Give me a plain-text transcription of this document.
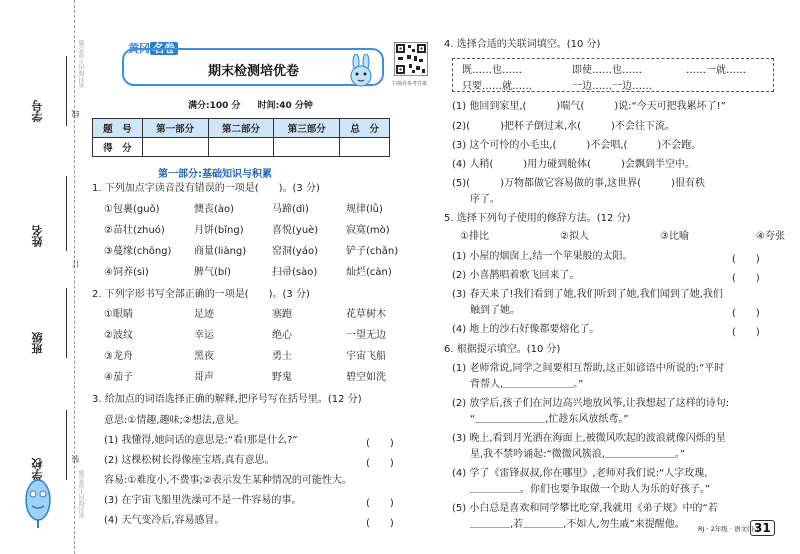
学号
姓名
班级
学校
线
订
装
密封线内不要答题
密封线内不要答题
黄冈 名卷
期末检测培优卷
扫描看参考答案
满分:100 分 时间:40 分钟
题　号	第一部分	第二部分	第三部分	总　分
得　分				
第一部分:基础知识与积累
1. 下列加点字读音没有错误的一项是(　　)。(3 分)
①包裹(guǒ)	懊丧(ào)	马蹄(dì)	规律(lǜ)
②苗壮(zhuó)	月饼(bǐng)	喜悦(yuè)	寂寞(mò)
③蔓缘(chōng) 商量(liàng)	窑洞(yáo)	铲子(chǎn)
④饲养(sì)	脾气(bí)	扫帚(sào)	灿烂(càn)
2. 下列字形书写全部正确的一项是(　　)。(3 分)
①眼睛	足迹	塞跑	花草树木
②波纹	幸运	绝心	一望无边
③龙舟	黑夜	勇士	宇宙飞船
④茄子	哥声	野鬼	碧空如洗
3. 给加点的词语选择正确的解释,把序号写在括号里。(12 分)
意思:①情趣,趣味;②想法,意见。
(1) 我懂得,她问话的意思是:“看!那是什么?”	(　　)
(2) 这棵松树长得像座宝塔,真有意思。	(　　)
容易:①难度小,不费事;②表示发生某种情况的可能性大。
(3) 在宇宙飞船里洗澡可不是一件容易的事。	(　　)
(4) 天气变冷后,容易感冒。	(　　)
4. 选择合适的关联词填空。(10 分)
既……也……	即使……也……	……一就……
只要……就……	一边……一边……
(1) 他回到家里,(　　　)喘气(　　　)说:“今天可把我累坏了!”
(2)(　　　)把杯子倒过来,水(　　　)不会往下流。
(3) 这个可怜的小毛虫,(　　　)不会唱,(　　　)不会跑。
(4) 人稍(　　　)用力碰到舱体(　　　)会飘到半空中。
(5)(　　　)万物都做它容易做的事,这世界(　　　)很有秩
序了。
5. 选择下列句子使用的修辞方法。(12 分)
①排比	②拟人	③比喻	④夸张
(1) 小屋的烟囱上,结一个苹果般的太阳。	(　　)
(2) 小喜鹊唱着歌飞回来了。	(　　)
(3) 春天来了!我们看到了她,我们听到了她,我们闻到了她,我们
触到了她。	(　　)
(4) 地上的沙石好像都要熔化了。	(　　)
6. 根据提示填空。(10 分)
(1) 老师常说,同学之间要相互帮助,这正如谚语中所说的:“平时
背帮人,＿＿＿＿＿＿＿。”
(2) 放学后,孩子们在河边高兴地放风筝,让我想起了这样的诗句:
“＿＿＿＿＿＿＿,忙趁东风放纸鸢。”
(3) 晚上,看到月光洒在海面上,被微风吹起的波浪就像闪烁的星
星,我不禁吟诵起:“微微风簇浪,＿＿＿＿＿＿＿。”
(4) 学了《雷锋叔叔,你在哪里》,老师对我们说:“人字玫瑰,
＿＿＿＿＿。你们也要争取做一个助人为乐的好孩子。”
(5) 小白总是喜欢和同学攀比吃穿,我就用《弟子规》中的“若
＿＿＿＿,若＿＿＿＿,不如人,勿生戚”来提醒他。 RJ · 2年级 · 语文(下)
31
